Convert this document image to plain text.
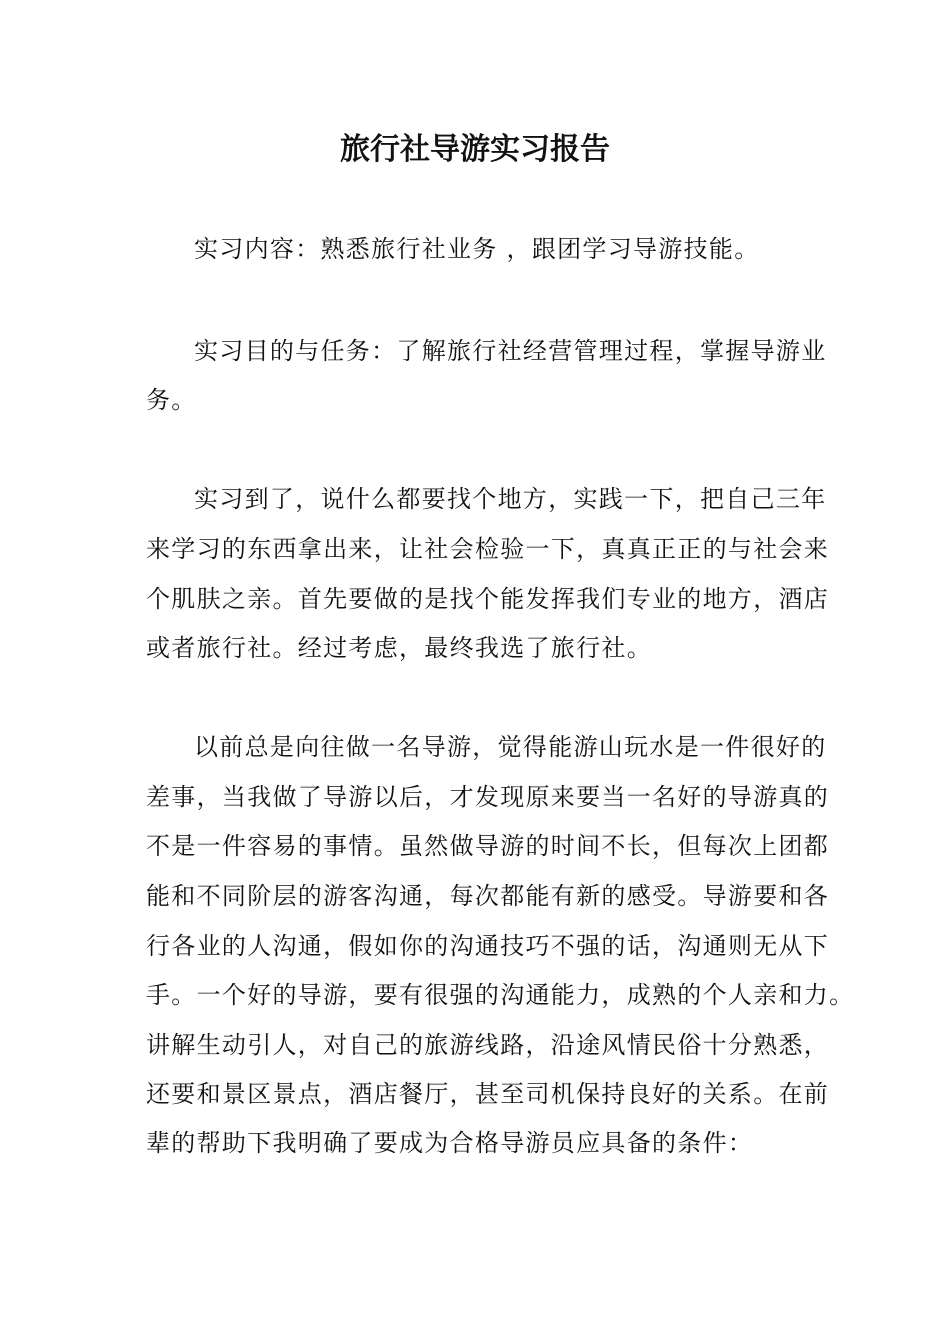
旅行社导游实习报告
实习内容：熟悉旅行社业务 ，跟团学习导游技能。
实习目的与任务：了解旅行社经营管理过程，掌握导游业
务。
实习到了，说什么都要找个地方，实践一下，把自己三年
来学习的东西拿出来，让社会检验一下，真真正正的与社会来
个肌肤之亲。首先要做的是找个能发挥我们专业的地方，酒店
或者旅行社。经过考虑，最终我选了旅行社。
以前总是向往做一名导游，觉得能游山玩水是一件很好的
差事，当我做了导游以后，才发现原来要当一名好的导游真的
不是一件容易的事情。虽然做导游的时间不长，但每次上团都
能和不同阶层的游客沟通，每次都能有新的感受。导游要和各
行各业的人沟通，假如你的沟通技巧不强的话，沟通则无从下
手。一个好的导游，要有很强的沟通能力，成熟的个人亲和力。
讲解生动引人，对自己的旅游线路，沿途风情民俗十分熟悉，
还要和景区景点，酒店餐厅，甚至司机保持良好的关系。在前
辈的帮助下我明确了要成为合格导游员应具备的条件：
